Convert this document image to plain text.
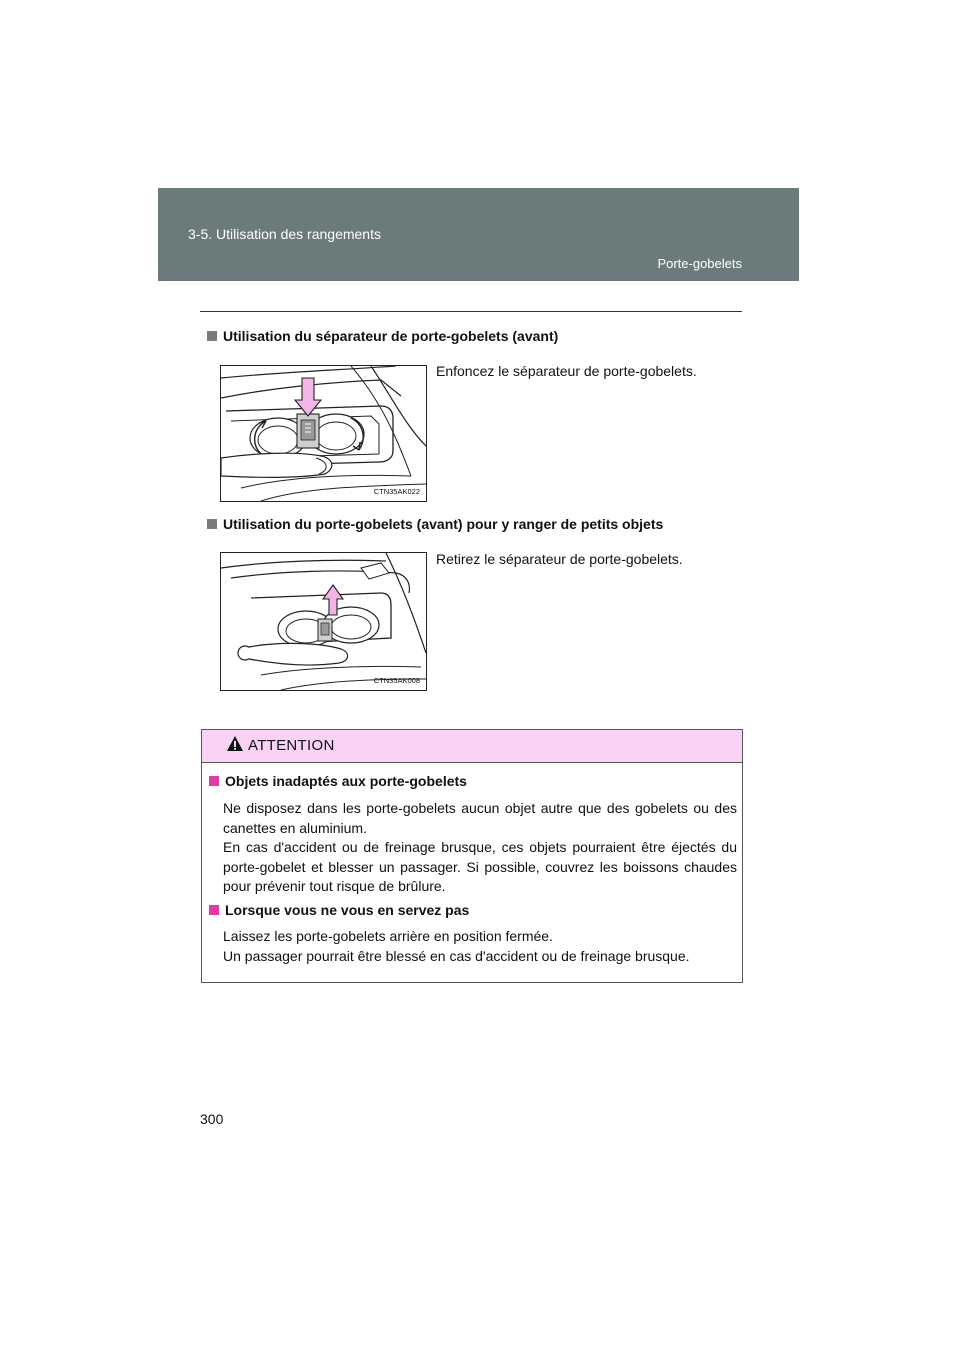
3-5. Utilisation des rangements
Porte-gobelets
Utilisation du séparateur de porte-gobelets (avant)
CTN35AK022
Enfoncez le séparateur de porte-gobelets.
Utilisation du porte-gobelets (avant) pour y ranger de petits objets
CTN35AK008
Retirez le séparateur de porte-gobelets.
ATTENTION
Objets inadaptés aux porte-gobelets

Ne disposez dans les porte-gobelets aucun objet autre que des gobelets ou des canettes en aluminium.

En cas d'accident ou de freinage brusque, ces objets pourraient être éjectés du porte-gobelet et blesser un passager. Si possible, couvrez les boissons chaudes pour prévenir tout risque de brûlure.

Lorsque vous ne vous en servez pas

Laissez les porte-gobelets arrière en position fermée.

Un passager pourrait être blessé en cas d'accident ou de freinage brusque.

300
